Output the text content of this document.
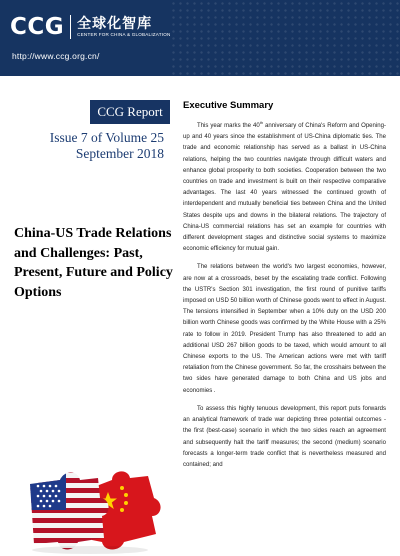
CCG 全球化智库
CENTER FOR CHINA & GLOBALIZATION
http://www.ccg.org.cn/
CCG Report
Issue 7 of Volume 25
September 2018
China-US Trade Relations and Challenges: Past, Present, Future and Policy Options
Executive Summary

This year marks the 40th anniversary of China's Reform and Opening-up and 40 years since the establishment of US-China diplomatic ties. The trade and economic relationship has served as a ballast in US-China relations, helping the two countries navigate through difficult waters and enhance global prosperity to both societies. Cooperation between the two countries on trade and investment is built on their respective comparative advantages. The last 40 years witnessed the continued growth of interdependent and mutually beneficial ties between China and the United States despite ups and downs in the bilateral relations. The trajectory of China-US commercial relations has set an example for countries with different development stages and distinctive social systems to maximize economic efficiency for mutual gain.

The relations between the world's two largest economies, however, are now at a crossroads, beset by the escalating trade conflict. Following the USTR's Section 301 investigation, the first round of punitive tariffs imposed on USD 50 billion worth of Chinese goods went to effect in August. The tensions intensified in September when a 10% duty on the USD 200 billion worth Chinese goods was confirmed by the White House with a 25% rate to follow in 2019. President Trump has also threatened to add an additional USD 267 billion goods to be taxed, which would amount to all Chinese exports to the US. The American actions were met with tariff retaliation from the Chinese government. So far, the crosshairs between the two sides have generated damage to both China and US jobs and economies .

To assess this highly tenuous development, this report puts forwards an analytical framework of trade war depicting three potential outcomes - the first (best-case) scenario in which the two sides reach an agreement and subsequently halt the tariff measures; the second (medium) scenario forecasts a longer-term trade conflict that is nevertheless measured and contained; and
